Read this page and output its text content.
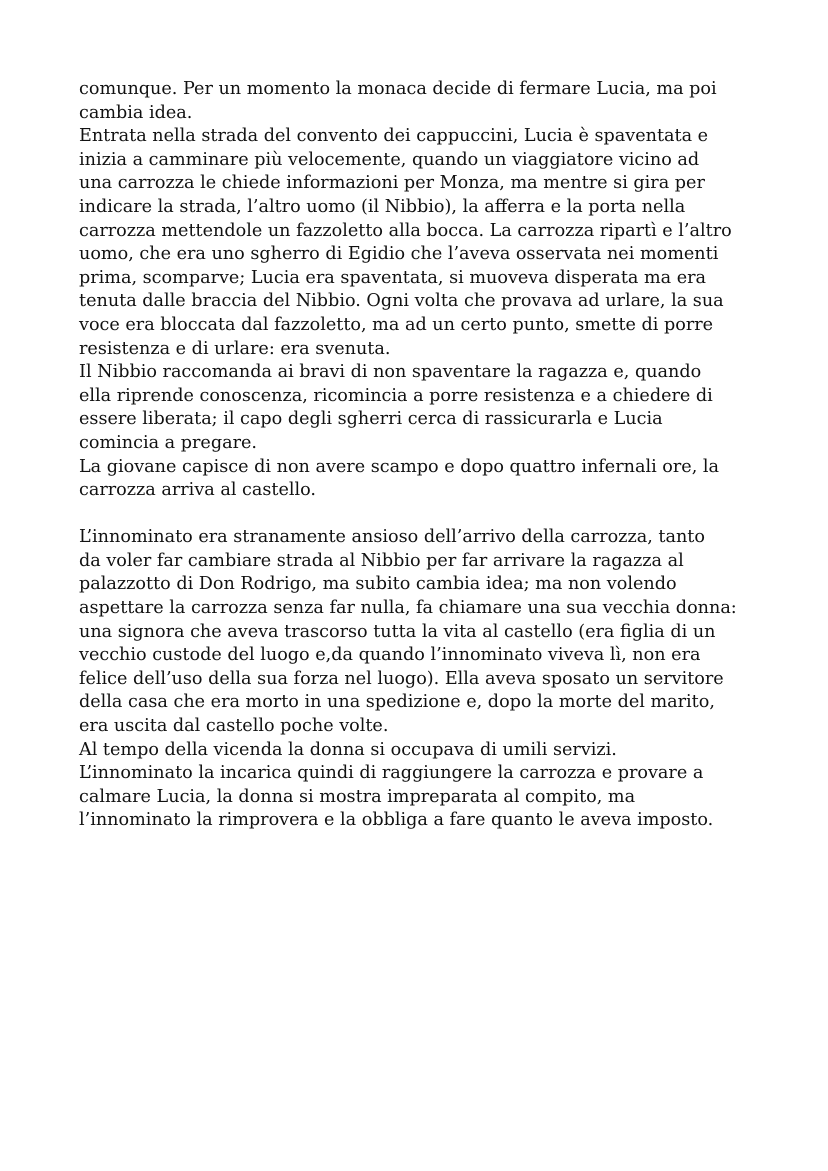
comunque. Per un momento la monaca decide di fermare Lucia, ma poi
cambia idea.
Entrata nella strada del convento dei cappuccini, Lucia è spaventata e
inizia a camminare più velocemente, quando un viaggiatore vicino ad
una carrozza le chiede informazioni per Monza, ma mentre si gira per
indicare la strada, l’altro uomo (il Nibbio), la afferra e la porta nella
carrozza mettendole un fazzoletto alla bocca. La carrozza ripartì e l’altro
uomo, che era uno sgherro di Egidio che l’aveva osservata nei momenti
prima, scomparve; Lucia era spaventata, si muoveva disperata ma era
tenuta dalle braccia del Nibbio. Ogni volta che provava ad urlare, la sua
voce era bloccata dal fazzoletto, ma ad un certo punto, smette di porre
resistenza e di urlare: era svenuta.
Il Nibbio raccomanda ai bravi di non spaventare la ragazza e, quando
ella riprende conoscenza, ricomincia a porre resistenza e a chiedere di
essere liberata; il capo degli sgherri cerca di rassicurarla e Lucia
comincia a pregare.
La giovane capisce di non avere scampo e dopo quattro infernali ore, la
carrozza arriva al castello.
L’innominato era stranamente ansioso dell’arrivo della carrozza, tanto
da voler far cambiare strada al Nibbio per far arrivare la ragazza al
palazzotto di Don Rodrigo, ma subito cambia idea; ma non volendo
aspettare la carrozza senza far nulla, fa chiamare una sua vecchia donna:
una signora che aveva trascorso tutta la vita al castello (era figlia di un
vecchio custode del luogo e,da quando l’innominato viveva lì, non era
felice dell’uso della sua forza nel luogo). Ella aveva sposato un servitore
della casa che era morto in una spedizione e, dopo la morte del marito,
era uscita dal castello poche volte.
Al tempo della vicenda la donna si occupava di umili servizi.
L’innominato la incarica quindi di raggiungere la carrozza e provare a
calmare Lucia, la donna si mostra impreparata al compito, ma
l’innominato la rimprovera e la obbliga a fare quanto le aveva imposto.
